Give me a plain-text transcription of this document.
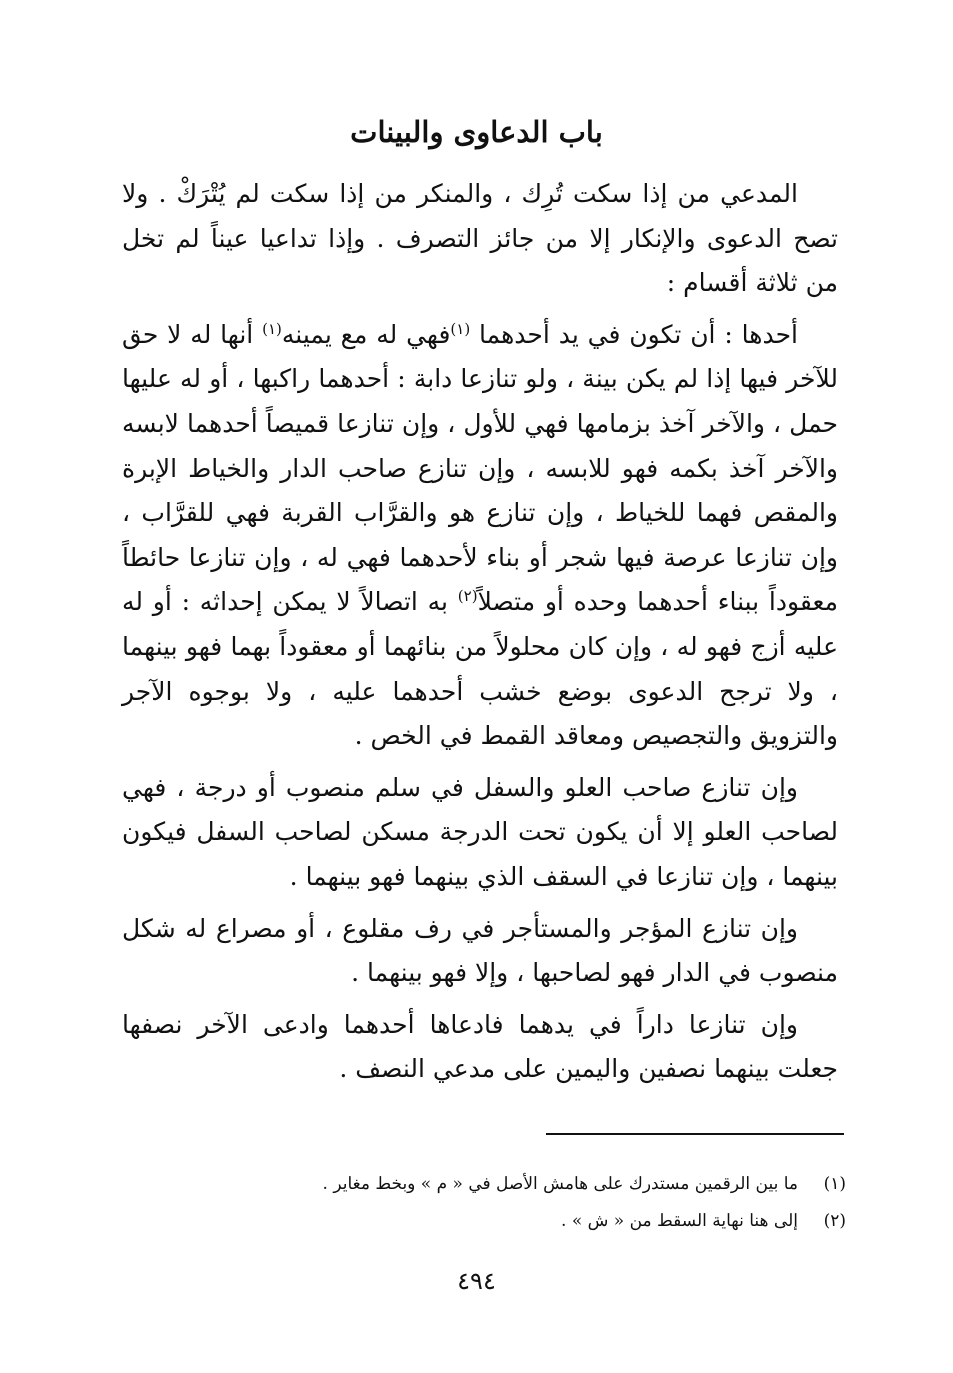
باب الدعاوى والبينات

المدعي من إذا سكت تُرِك ، والمنكر من إذا سكت لم يُتْرَكْ . ولا تصح الدعوى والإنكار إلا من جائز التصرف . وإذا تداعيا عيناً لم تخل من ثلاثة أقسام :

أحدها : أن تكون في يد أحدهما $^{(١)}$فهي له مع يمينه$^{(١)}$ أنها له لا حق للآخر فيها إذا لم يكن بينة ، ولو تنازعا دابة : أحدهما راكبها ، أو له عليها حمل ، والآخر آخذ بزمامها فهي للأول ، وإن تنازعا قميصاً أحدهما لابسه والآخر آخذ بكمه فهو للابسه ، وإن تنازع صاحب الدار والخياط الإبرة والمقص فهما للخياط ، وإن تنازع هو والقرَّاب القربة فهي للقرَّاب ، وإن تنازعا عرصة فيها شجر أو بناء لأحدهما فهي له ، وإن تنازعا حائطاً معقوداً ببناء أحدهما وحده أو متصلاً$^{(٢)}$ به اتصالاً لا يمكن إحداثه : أو له عليه أزج فهو له ، وإن كان محلولاً من بنائهما أو معقوداً بهما فهو بينهما ، ولا ترجح الدعوى بوضع خشب أحدهما عليه ، ولا بوجوه الآجر والتزويق والتجصيص ومعاقد القمط في الخص .

وإن تنازع صاحب العلو والسفل في سلم منصوب أو درجة ، فهي لصاحب العلو إلا أن يكون تحت الدرجة مسكن لصاحب السفل فيكون بينهما ، وإن تنازعا في السقف الذي بينهما فهو بينهما .

وإن تنازع المؤجر والمستأجر في رف مقلوع ، أو مصراع له شكل منصوب في الدار فهو لصاحبها ، وإلا فهو بينهما .

وإن تنازعا داراً في يدهما فادعاها أحدهما وادعى الآخر نصفها جعلت بينهما نصفين واليمين على مدعي النصف .

(١)
ما بين الرقمين مستدرك على هامش الأصل في « م » وبخط مغاير .
(٢)
إلى هنا نهاية السقط من « ش » .
٤٩٤
